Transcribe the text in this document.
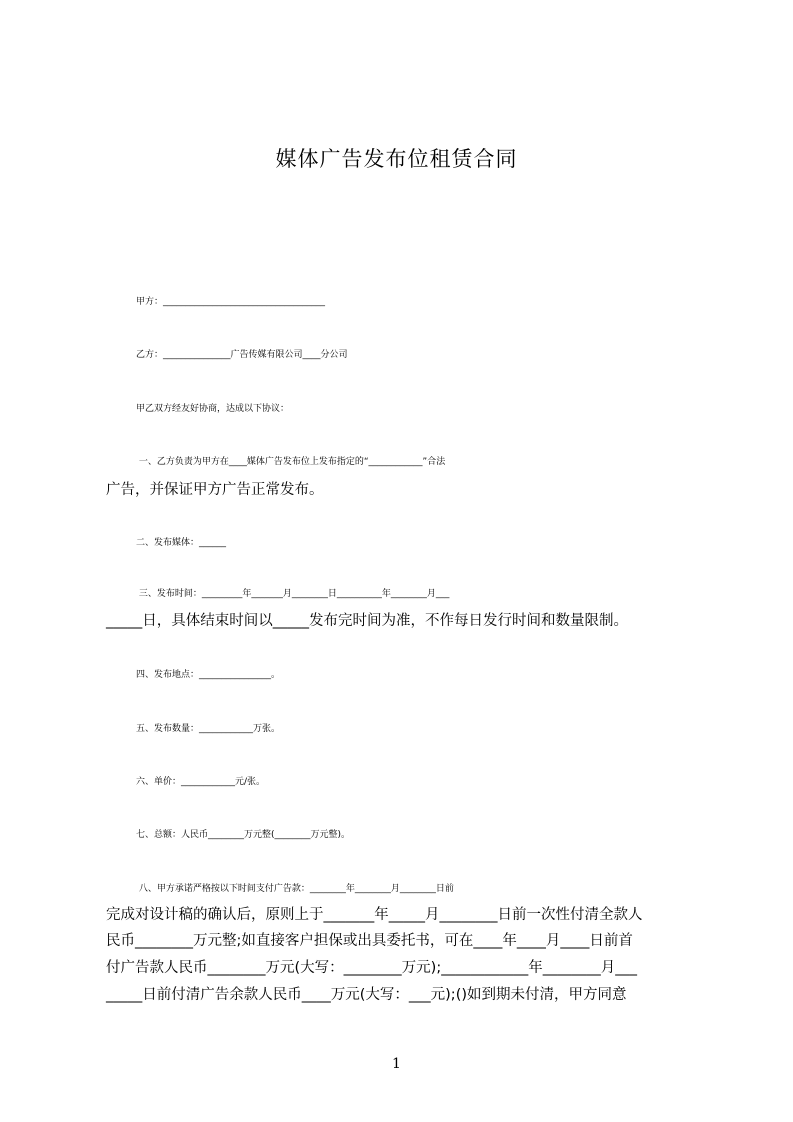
媒体广告发布位租赁合同
甲方：____________________________________
乙方：_______________广告传媒有限公司____分公司
甲乙双方经友好协商，达成以下协议：
一、乙方负责为甲方在____媒体广告发布位上发布指定的“____________”合法
广告，并保证甲方广告正常发布。
二、发布媒体：______
三、发布时间：_________年_______月________日__________年________月___
_____日，具体结束时间以_____发布完时间为准，不作每日发行时间和数量限制。
四、发布地点：________________。
五、发布数量：____________万张。
六、单价：____________元/张。
七、总额：人民币________万元整(________万元整)。
八、甲方承诺严格按以下时间支付广告款：________年________月________日前
完成对设计稿的确认后，原则上于_______年_____月________日前一次性付清全款人
民币________万元整;如直接客户担保或出具委托书，可在____年____月____日前首
付广告款人民币________万元(大写：________万元);____________年________月___
_____日前付清广告余款人民币____万元(大写：___元);()如到期未付清，甲方同意
1
